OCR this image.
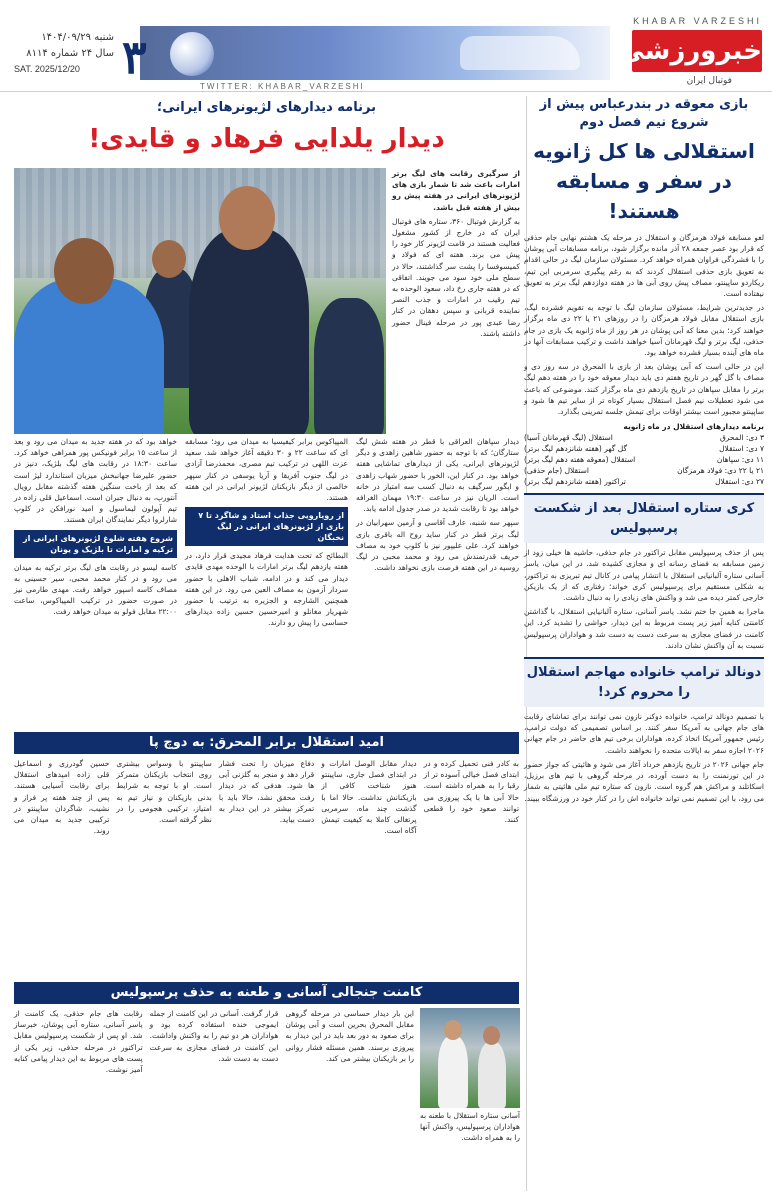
KHABAR VARZESHI
خبرورزشی
فوتبال ایران
۳
شنبه ۱۴۰۴/۰۹/۲۹
سال ۲۴ شماره ۸۱۱۴
SAT. 2025/12/20
TWITTER: KHABAR_VARZESHI
بازی معوقه در بندرعباس پیش از شروع نیم فصل دوم
استقلالی ها کل ژانویه در سفر و مسابقه هستند!

لغو مسابقه فولاد هرمزگان و استقلال در مرحله یک هشتم نهایی جام حذفی که قرار بود عصر جمعه ۲۸ آذر مانده برگزار شود، برنامه مسابقات آبی پوشان را با فشردگی فراوان همراه خواهد کرد. مسئولان سازمان لیگ در حالی اقدام به تعویق بازی حذفی استقلال کردند که به رغم پیگیری سرمربی این تیم، ریکاردو ساپینتو، مصاف پیش روی آبی ها در هفته دوازدهم لیگ برتر به تعویق نیفتاده است.

در جدیدترین شرایط، مسئولان سازمان لیگ با توجه به تقویم فشرده لیگ، بازی استقلال مقابل فولاد هرمزگان را در روزهای ۲۱ یا ۲۲ دی ماه برگزار خواهند کرد؛ بدین معنا که آبی پوشان در هر روز از ماه ژانویه یک بازی در جام حذفی، لیگ برتر و لیگ قهرمانان آسیا خواهند داشت و ترکیب مسابقات آنها در ماه های آینده بسیار فشرده خواهد بود.

این در حالی است که آبی پوشان بعد از بازی با المحرق در سه روز دی و مصاف با گل گهر در تاریخ هفتم دی باید دیدار معوقه خود را در هفته دهم لیگ برتر را مقابل سپاهان در تاریخ یازدهم دی ماه برگزار کنند. موضوعی که باعث می شود تعطیلات نیم فصل استقلال بسیار کوتاه تر از سایر تیم ها شود و ساپینتو مجبور است بیشتر اوقات برای تیمش جلسه تمرینی بگذارد.

برنامه دیدارهای استقلال در ماه ژانویه
۳ دی: المحرق
استقلال (لیگ قهرمانان آسیا)
۷ دی: استقلال
گل گهر (هفته شانزدهم لیگ برتر)
۱۱ دی: سپاهان
استقلال (معوقه هفته دهم لیگ برتر)
۲۱ یا ۲۲ دی: فولاد هرمزگان
استقلال (جام حذفی)
۲۷ دی: استقلال
تراکتور (هفته شانزدهم لیگ برتر)
کری ستاره استقلال بعد از شکست پرسپولیس

پس از حذف پرسپولیس مقابل تراکتور در جام حذفی، حاشیه ها خیلی زود از زمین مسابقه به فضای رسانه ای و مجازی کشیده شد. در این میان، یاسر آسانی ستاره آلبانیایی استقلال با انتشار پیامی در کانال تیم تبریزی به تراکتور، به شکلی مستقیم برای پرسپولیس کری خواند؛ رفتاری که از یک بازیکن خارجی کمتر دیده می شد و واکنش های زیادی را به دنبال داشت.

ماجرا به همین جا ختم نشد. یاسر آسانی، ستاره آلبانیایی استقلال، با گذاشتن کامنتی کنایه آمیز زیر پست مربوط به این دیدار، حواشی را تشدید کرد. این کامنت در فضای مجازی به سرعت دست به دست شد و هواداران پرسپولیس نسبت به آن واکنش نشان دادند.

دونالد ترامپ خانواده مهاجم استقلال را محروم کرد!

با تصمیم دونالد ترامپ، خانواده دوکنر نازون نمی توانند برای تماشای رقابت های جام جهانی به آمریکا سفر کنند. بر اساس تصمیمی که دولت ترامپ، رئیس جمهور آمریکا اتخاذ کرده، هواداران برخی تیم های حاضر در جام جهانی ۲۰۲۶ اجازه سفر به ایالات متحده را نخواهند داشت.

جام جهانی ۲۰۲۶ در تاریخ یازدهم خرداد آغاز می شود و هائیتی که جواز حضور در این تورنمنت را به دست آورده، در مرحله گروهی با تیم های برزیل، اسکاتلند و مراکش هم گروه است. نازون که ستاره تیم ملی هائیتی به شمار می رود، با این تصمیم نمی تواند خانواده اش را در کنار خود در ورزشگاه ببیند.

برنامه دیدارهای لژیونرهای ایرانی؛
دیدار یلدایی فرهاد و قایدی!

از سرگیری رقابت های لیگ برتر امارات باعث شد تا شمار بازی های لژیونرهای ایرانی در هفته پیش رو بیش از هفته قبل باشد.

به گزارش فوتبال ۳۶۰، ستاره های فوتبال ایران که در خارج از کشور مشغول فعالیت هستند در قامت لژیونر کار خود را پیش می برند. هفته ای که فولاد و کمیسوفسا را پشت سر گذاشتند، حالا در سطح ملی خود سود می جویند. اتفاقی که در هفته جاری رخ داد، سعود الوحده به تیم رقیب در امارات و جذب النصر نماینده قربانی و سپس دهقان در کنار رضا عبدی پور در مرحله فینال حضور داشته باشند.

خواهد بود که در هفته جدید به میدان می رود و بعد از ساعت ۱۵ برابر فونیکس پور همراهی خواهد کرد. ساعت ۱۸:۳۰ در رقابت های لیگ بلژیک، دنیز در حضور علیرضا جهانبخش میزبان استاندارد لیژ است که بعد از باخت سنگین هفته گذشته مقابل رویال آنتورپ، به دنبال جبران است. اسماعیل قلی زاده در تیم آپولون لیماسول و امید نورافکن در کلوپ شارلروا دیگر نمایندگان ایران هستند.

شروع هفته شلوغ لژیونرهای ایرانی از ترکیه و امارات تا بلژیک و یونان

کاسه لیسو در رقابت های لیگ برتر ترکیه به میدان می رود و در کنار محمد محبی، سیر حسینی به مصاف کاسه اسپور خواهد رفت. مهدی طارمی نیز در صورت حضور در ترکیب المپیاکوس، ساعت ۲۲:۰۰ مقابل فولو به میدان خواهد رفت.

المپیاکوس برابر کیفیسیا به میدان می رود؛ مسابقه ای که ساعت ۲۲ و ۳۰ دقیقه آغاز خواهد شد. سعید عزت اللهی در ترکیب تیم مصری، محمدرضا آزادی در لیگ جنوب آفریقا و آریا یوسفی در کنار سپهر خالصی از دیگر بازیکنان لژیونر ایرانی در این هفته هستند.

از رویارویی جذاب استاد و شاگرد تا ۷ بازی از لژیونرهای ایرانی در لیگ نخبگان

البطائح که تحت هدایت فرهاد مجیدی قرار دارد، در هفته یازدهم لیگ برتر امارات با الوحده مهدی قایدی دیدار می کند و در ادامه، شباب الاهلی با حضور سردار آزمون به مصاف العین می رود. در این هفته همچنین الشارجه و الجزیره به ترتیب با حضور شهریار مغانلو و امیرحسین حسین زاده دیدارهای حساسی را پیش رو دارند.

دیدار سپاهان العراقی با قطر در هفته شش لیگ ستارگان؛ که با توجه به حضور شاهین زاهدی و دیگر لژیونرهای ایرانی، یکی از دیدارهای تماشایی هفته خواهد بود. در کنار این، الخور با حضور شهاب زاهدی و ایگور سرگیف به دنبال کسب سه امتیاز در خانه است. الریان نیز در ساعت ۱۹:۳۰ مهمان الغرافه خواهد بود تا رقابت شدید در صدر جدول ادامه یابد.

سپهر سه شنبه، عارف آقاسی و آرمین سهرابیان در لیگ برتر قطر در کنار ساید روح اله باقری بازی خواهند کرد. علی علیپور نیز با کلوپ خود به مصاف حریف قدرتمندش می رود و محمد محبی در لیگ روسیه در این هفته فرصت بازی نخواهد داشت.

امید استقلال برابر المحرق: به دوچ پا

حسین گودرزی و اسماعیل قلی زاده امیدهای استقلال برای رقابت آسیایی هستند. پس از چند هفته پر فراز و نشیب، شاگردان ساپینتو در ترکیبی جدید به میدان می روند.

ساپینتو با وسواس بیشتری روی انتخاب بازیکنان متمرکز است. او با توجه به شرایط بدنی بازیکنان و نیاز تیم به امتیاز، ترکیبی هجومی را در نظر گرفته است.

دفاع میزبان را تحت فشار قرار دهد و منجر به گلزنی آبی ها شود. هدفی که در دیدار رفت محقق نشد، حالا باید با تمرکز بیشتر در این دیدار به دست بیاید.

دیدار مقابل الوصل امارات و در ابتدای فصل جاری، ساپینتو هنوز شناخت کافی از بازیکنانش نداشت. حالا اما با گذشت چند ماه، سرمربی پرتغالی کاملا به کیفیت تیمش آگاه است.

به کادر فنی تحمیل کرده و در ابتدای فصل خیالی آسوده تر از رقبا را به همراه داشته است. حالا آبی ها با یک پیروزی می توانند صعود خود را قطعی کنند.

کامنت جنجالی آسانی و طعنه به حذف پرسپولیس

آسانی ستاره استقلال با طعنه به هواداران پرسپولیس، واکنش آنها را به همراه داشت.

رقابت های جام حذفی، یک کامنت از یاسر آسانی، ستاره آبی پوشان، خبرساز شد. او پس از شکست پرسپولیس مقابل تراکتور در مرحله حذفی، زیر یکی از پست های مربوط به این دیدار پیامی کنایه آمیز نوشت.

قرار گرفت. آسانی در این کامنت از جمله ایموجی خنده استفاده کرده بود و هواداران هر دو تیم را به واکنش واداشت. این کامنت در فضای مجازی به سرعت دست به دست شد.

این بار دیدار حساسی در مرحله گروهی مقابل المحرق بحرین است و آبی پوشان برای صعود به دور بعد باید در این دیدار به پیروزی برسند. همین مسئله فشار روانی را بر بازیکنان بیشتر می کند.
